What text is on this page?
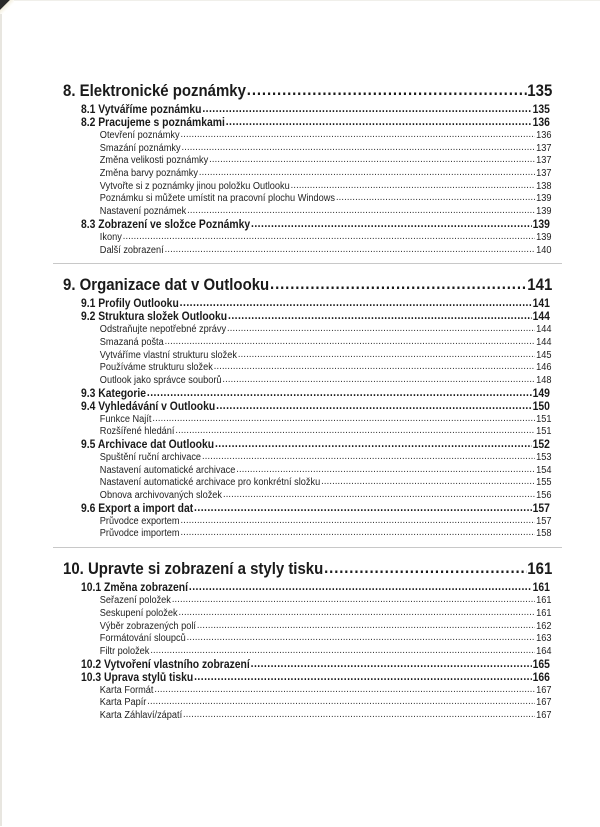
8. Elektronické poznámky .....	135
8.1 Vytváříme poznámku .....	135
8.2 Pracujeme s poznámkami .....	136
Otevření poznámky .....	136
Smazání poznámky .....	137
Změna velikosti poznámky .....	137
Změna barvy poznámky .....	137
Vytvořte si z poznámky jinou položku Outlooku .....	138
Poznámku si můžete umístit na pracovní plochu Windows .....	139
Nastavení poznámek .....	139
8.3 Zobrazení ve složce Poznámky .....	139
Ikony .....	139
Další zobrazení .....	140
9. Organizace dat v Outlooku .....	141
9.1 Profily Outlooku .....	141
9.2 Struktura složek Outlooku .....	144
Odstraňujte nepotřebné zprávy .....	144
Smazaná pošta .....	144
Vytváříme vlastní strukturu složek .....	145
Používáme strukturu složek .....	146
Outlook jako správce souborů .....	148
9.3 Kategorie .....	149
9.4 Vyhledávání v Outlooku .....	150
Funkce Najít .....	151
Rozšířené hledání .....	151
9.5 Archivace dat Outlooku .....	152
Spuštění ruční archivace .....	153
Nastavení automatické archivace .....	154
Nastavení automatické archivace pro konkrétní složku .....	155
Obnova archivovaných složek .....	156
9.6 Export a import dat .....	157
Průvodce exportem .....	157
Průvodce importem .....	158
10. Upravte si zobrazení a styly tisku .....	161
10.1 Změna zobrazení .....	161
Seřazení položek .....	161
Seskupení položek .....	161
Výběr zobrazených polí .....	162
Formátování sloupců .....	163
Filtr položek .....	164
10.2 Vytvoření vlastního zobrazení .....	165
10.3 Úprava stylů tisku .....	166
Karta Formát .....	167
Karta Papír .....	167
Karta Záhlaví/zápatí .....	167
